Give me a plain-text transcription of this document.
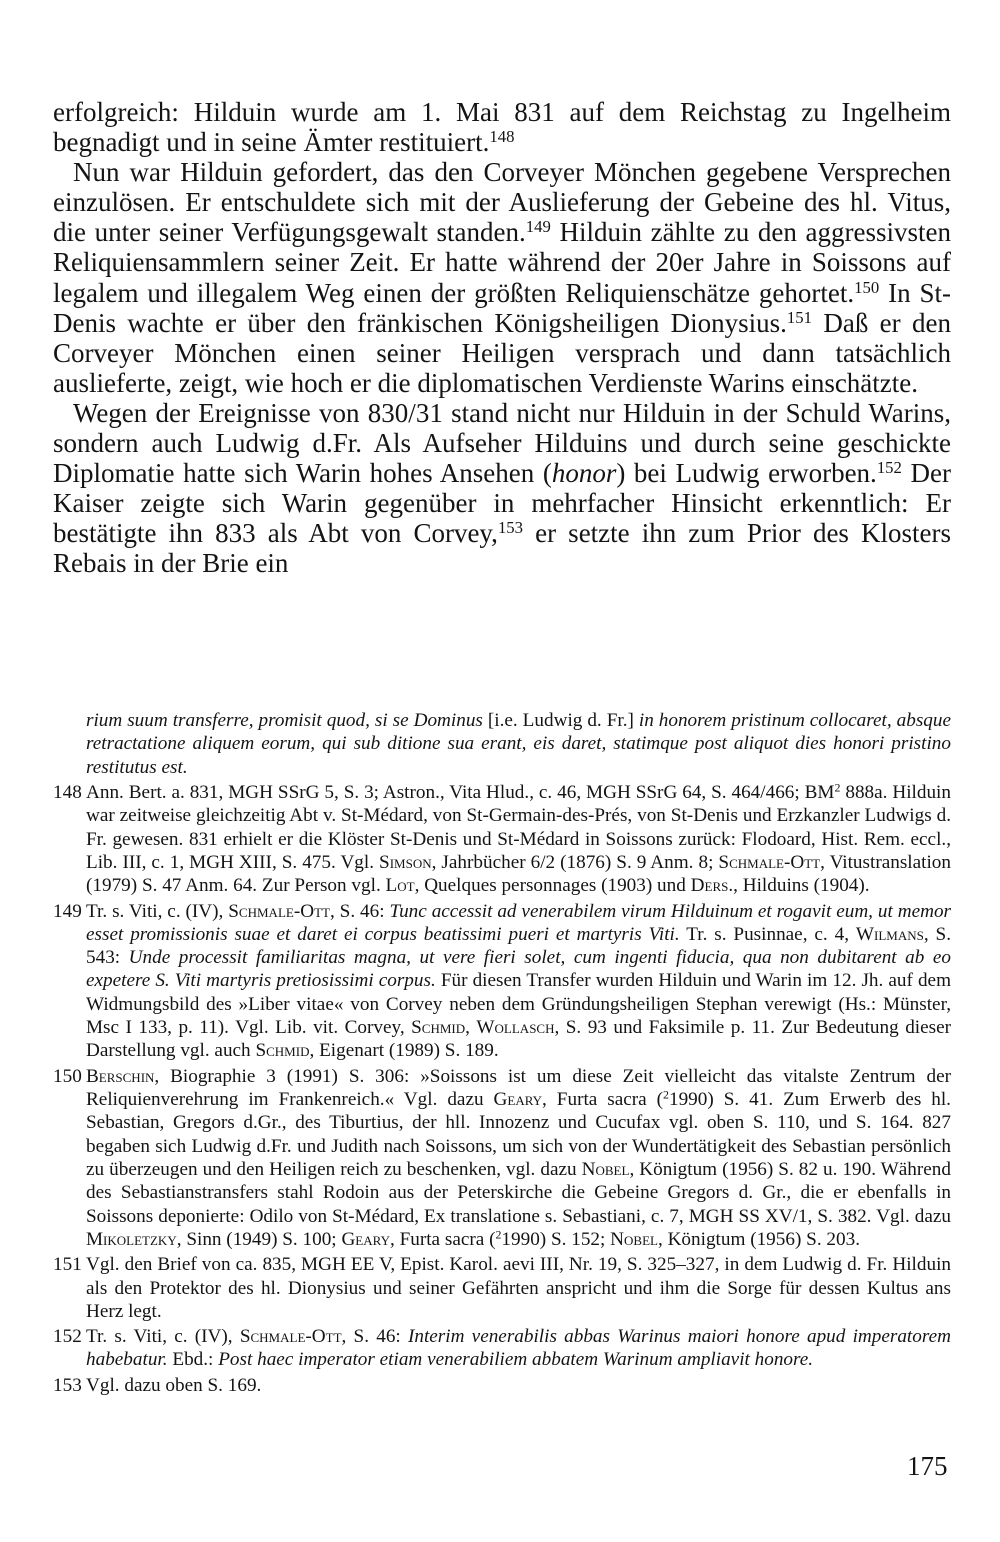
erfolgreich: Hilduin wurde am 1. Mai 831 auf dem Reichstag zu Ingelheim begnadigt und in seine Ämter restituiert.$^{148}$

Nun war Hilduin gefordert, das den Corveyer Mönchen gegebene Versprechen einzulösen. Er entschuldete sich mit der Auslieferung der Gebeine des hl. Vitus, die unter seiner Verfügungsgewalt standen.$^{149}$ Hilduin zählte zu den aggressivsten Reliquiensammlern seiner Zeit. Er hatte während der 20er Jahre in Soissons auf legalem und illegalem Weg einen der größten Reliquienschätze gehortet.$^{150}$ In St-Denis wachte er über den fränkischen Königsheiligen Dionysius.$^{151}$ Daß er den Corveyer Mönchen einen seiner Heiligen versprach und dann tatsächlich auslieferte, zeigt, wie hoch er die diplomatischen Verdienste Warins einschätzte.

Wegen der Ereignisse von 830/31 stand nicht nur Hilduin in der Schuld Warins, sondern auch Ludwig d.Fr. Als Aufseher Hilduins und durch seine geschickte Diplomatie hatte sich Warin hohes Ansehen (honor) bei Ludwig erworben.$^{152}$ Der Kaiser zeigte sich Warin gegenüber in mehrfacher Hinsicht erkenntlich: Er bestätigte ihn 833 als Abt von Corvey,$^{153}$ er setzte ihn zum Prior des Klosters Rebais in der Brie ein

rium suum transferre, promisit quod, si se Dominus [i.e. Ludwig d. Fr.] in honorem pristinum collocaret, absque retractatione aliquem eorum, qui sub ditione sua erant, eis daret, statimque post aliquot dies honori pristino restitutus est.

148 Ann. Bert. a. 831, MGH SSrG 5, S. 3; Astron., Vita Hlud., c. 46, MGH SSrG 64, S. 464/466; $BM^2$ 888a. Hilduin war zeitweise gleichzeitig Abt v. St-Médard, von St-Germain-des-Prés, von St-Denis und Erzkanzler Ludwigs d. Fr. gewesen. 831 erhielt er die Klöster St-Denis und St-Médard in Soissons zurück: Flodoard, Hist. Rem. eccl., Lib. III, c. 1, MGH XIII, S. 475. Vgl. Simson, Jahrbücher 6/2 (1876) S. 9 Anm. 8; Schmale-Ott, Vitustranslation (1979) S. 47 Anm. 64. Zur Person vgl. Lot, Quelques personnages (1903) und Ders., Hilduins (1904).

149 Tr. s. Viti, c. (IV), Schmale-Ott, S. 46: Tunc accessit ad venerabilem virum Hilduinum et rogavit eum, ut memor esset promissionis suae et daret ei corpus beatissimi pueri et martyris Viti. Tr. s. Pusinnae, c. 4, Wilmans, S. 543: Unde processit familiaritas magna, ut vere fieri solet, cum ingenti fiducia, qua non dubitarent ab eo expetere S. Viti martyris pretiosissimi corpus. Für diesen Transfer wurden Hilduin und Warin im 12. Jh. auf dem Widmungsbild des »Liber vitae« von Corvey neben dem Gründungsheiligen Stephan verewigt (Hs.: Münster, Msc I 133, p. 11). Vgl. Lib. vit. Corvey, Schmid, Wollasch, S. 93 und Faksimile p. 11. Zur Bedeutung dieser Darstellung vgl. auch Schmid, Eigenart (1989) S. 189.

150 Berschin, Biographie 3 (1991) S. 306: »Soissons ist um diese Zeit vielleicht das vitalste Zentrum der Reliquienverehrung im Frankenreich.« Vgl. dazu Geary, Furta sacra ($^2$1990) S. 41. Zum Erwerb des hl. Sebastian, Gregors d.Gr., des Tiburtius, der hll. Innozenz und Cucufax vgl. oben S. 110, und S. 164. 827 begaben sich Ludwig d.Fr. und Judith nach Soissons, um sich von der Wundertätigkeit des Sebastian persönlich zu überzeugen und den Heiligen reich zu beschenken, vgl. dazu Nobel, Königtum (1956) S. 82 u. 190. Während des Sebastianstransfers stahl Rodoin aus der Peterskirche die Gebeine Gregors d. Gr., die er ebenfalls in Soissons deponierte: Odilo von St-Médard, Ex translatione s. Sebastiani, c. 7, MGH SS XV/1, S. 382. Vgl. dazu Mikoletzky, Sinn (1949) S. 100; Geary, Furta sacra ($^2$1990) S. 152; Nobel, Königtum (1956) S. 203.

151 Vgl. den Brief von ca. 835, MGH EE V, Epist. Karol. aevi III, Nr. 19, S. 325–327, in dem Ludwig d. Fr. Hilduin als den Protektor des hl. Dionysius und seiner Gefährten anspricht und ihm die Sorge für dessen Kultus ans Herz legt.

152 Tr. s. Viti, c. (IV), Schmale-Ott, S. 46: Interim venerabilis abbas Warinus maiori honore apud imperatorem habebatur. Ebd.: Post haec imperator etiam venerabiliem abbatem Warinum ampliavit honore.

153 Vgl. dazu oben S. 169.

175
